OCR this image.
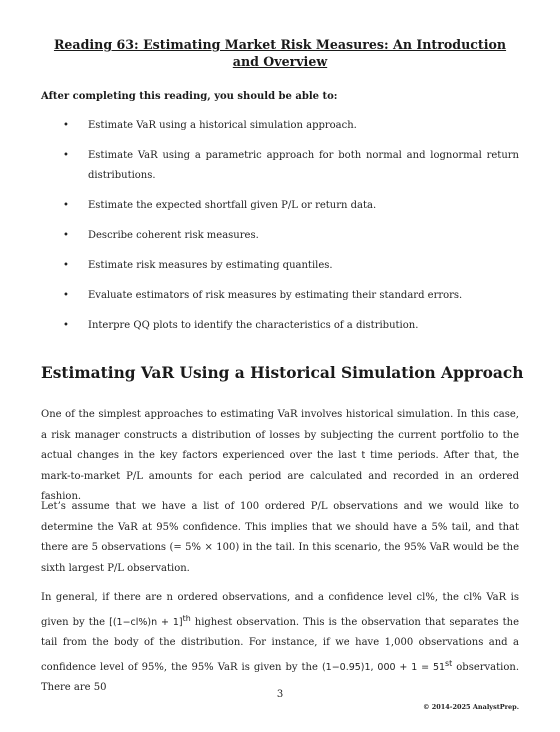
Reading 63: Estimating Market Risk Measures: An Introduction and Overview
After completing this reading, you should be able to:
• Estimate VaR using a historical simulation approach.
• Estimate VaR using a parametric approach for both normal and lognormal return distributions.
• Estimate the expected shortfall given P/L or return data.
• Describe coherent risk measures.
• Estimate risk measures by estimating quantiles.
• Evaluate estimators of risk measures by estimating their standard errors.
• Interpre QQ plots to identify the characteristics of a distribution.
Estimating VaR Using a Historical Simulation Approach

One of the simplest approaches to estimating VaR involves historical simulation. In this case, a risk manager constructs a distribution of losses by subjecting the current portfolio to the actual changes in the key factors experienced over the last t time periods. After that, the mark-to-market P/L amounts for each period are calculated and recorded in an ordered fashion.

Let’s assume that we have a list of 100 ordered P/L observations and we would like to determine the VaR at 95% confidence. This implies that we should have a 5% tail, and that there are 5 observations (= 5% × 100) in the tail. In this scenario, the 95% VaR would be the sixth largest P/L observation.

In general, if there are n ordered observations, and a confidence level cl%, the cl% VaR is given by the $[(1-cl\%)n + 1]^{th}$ highest observation. This is the observation that separates the tail from the body of the distribution. For instance, if we have 1,000 observations and a confidence level of 95%, the 95% VaR is given by the (1−0.95)1, 000 + 1 = 51st observation. There are 50

3
© 2014-2025 AnalystPrep.
